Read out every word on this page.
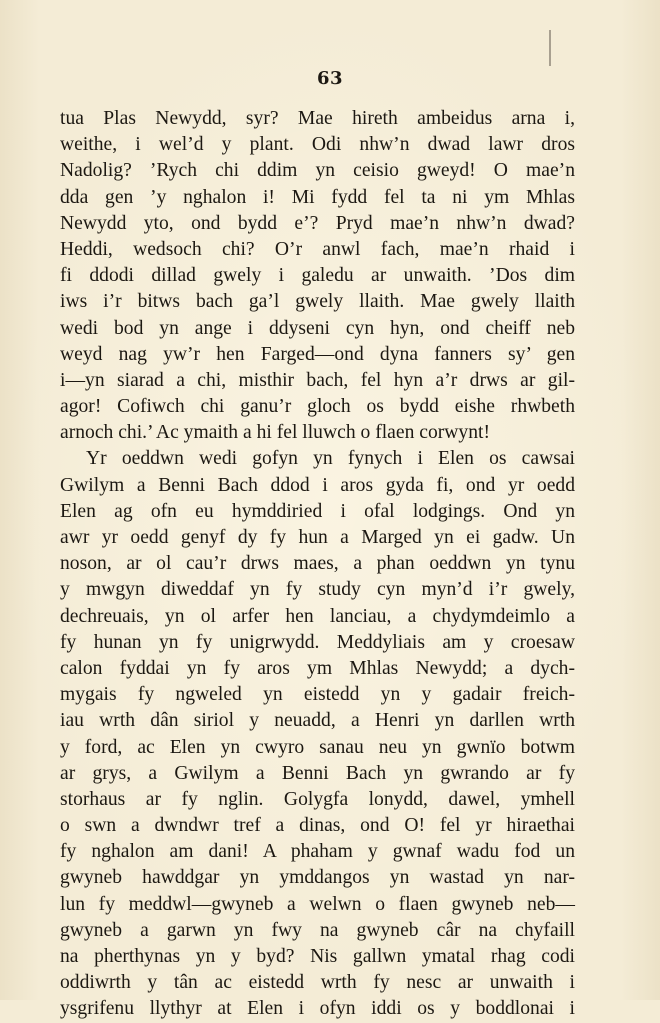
63
tua Plas Newydd, syr? Mae hireth ambeidus arna i,
weithe, i wel’d y plant. Odi nhw’n dwad lawr dros
Nadolig? ’Rych chi ddim yn ceisio gweyd! O mae’n
dda gen ’y nghalon i! Mi fydd fel ta ni ym Mhlas
Newydd yto, ond bydd e’? Pryd mae’n nhw’n dwad?
Heddi, wedsoch chi? O’r anwl fach, mae’n rhaid i
fi ddodi dillad gwely i galedu ar unwaith. ’Dos dim
iws i’r bitws bach ga’l gwely llaith. Mae gwely llaith
wedi bod yn ange i ddyseni cyn hyn, ond cheiff neb
weyd nag yw’r hen Farged—ond dyna fanners sy’ gen
i—yn siarad a chi, misthir bach, fel hyn a’r drws ar gil-
agor! Cofiwch chi ganu’r gloch os bydd eishe rhwbeth
arnoch chi.’ Ac ymaith a hi fel lluwch o flaen corwynt!
Yr oeddwn wedi gofyn yn fynych i Elen os cawsai
Gwilym a Benni Bach ddod i aros gyda fi, ond yr oedd
Elen ag ofn eu hymddiried i ofal lodgings. Ond yn
awr yr oedd genyf dy fy hun a Marged yn ei gadw. Un
noson, ar ol cau’r drws maes, a phan oeddwn yn tynu
y mwgyn diweddaf yn fy study cyn myn’d i’r gwely,
dechreuais, yn ol arfer hen lanciau, a chydymdeimlo a
fy hunan yn fy unigrwydd. Meddyliais am y croesaw
calon fyddai yn fy aros ym Mhlas Newydd; a dych-
mygais fy ngweled yn eistedd yn y gadair freich-
iau wrth dân siriol y neuadd, a Henri yn darllen wrth
y ford, ac Elen yn cwyro sanau neu yn gwnïo botwm
ar grys, a Gwilym a Benni Bach yn gwrando ar fy
storhaus ar fy nglin. Golygfa lonydd, dawel, ymhell
o swn a dwndwr tref a dinas, ond O! fel yr hiraethai
fy nghalon am dani! A phaham y gwnaf wadu fod un
gwyneb hawddgar yn ymddangos yn wastad yn nar-
lun fy meddwl—gwyneb a welwn o flaen gwyneb neb—
gwyneb a garwn yn fwy na gwyneb câr na chyfaill
na pherthynas yn y byd? Nis gallwn ymatal rhag codi
oddiwrth y tân ac eistedd wrth fy nesc ar unwaith i
ysgrifenu llythyr at Elen i ofyn iddi os y boddlonai i
